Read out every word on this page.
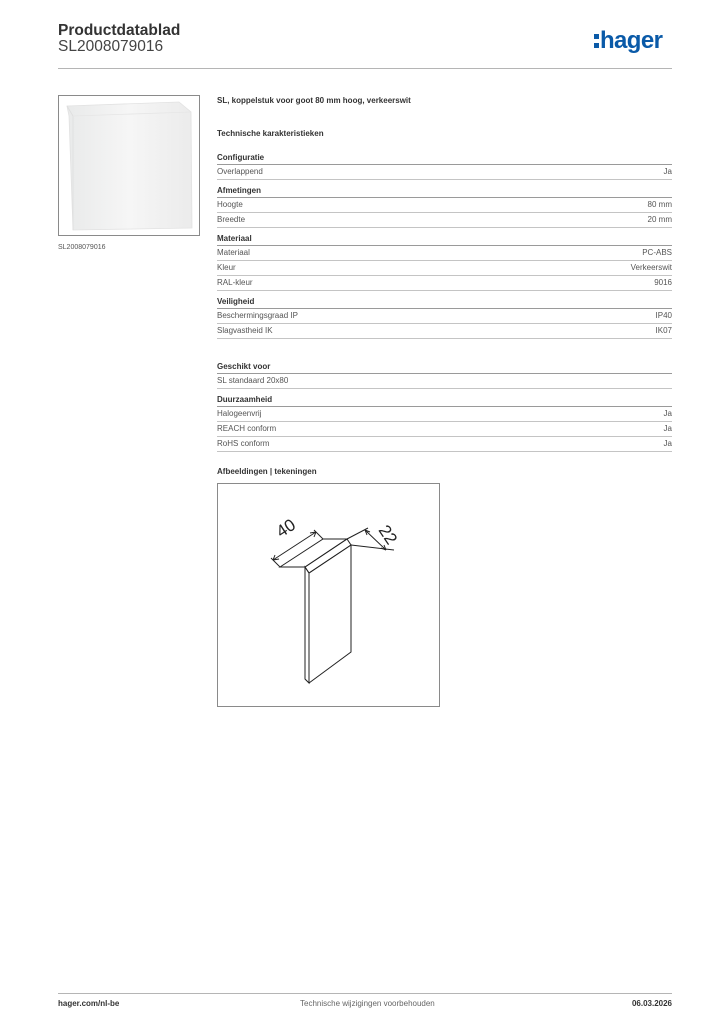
Productdatablad
SL2008079016	hager
SL2008079016
SL, koppelstuk voor goot 80 mm hoog, verkeerswit
Technische karakteristieken
Configuratie
Overlappend	Ja
Afmetingen
Hoogte	80 mm
Breedte	20 mm
Materiaal
Materiaal	PC-ABS
Kleur	Verkeerswit
RAL-kleur	9016
Veiligheid
Beschermingsgraad IP	IP40
Slagvastheid IK	IK07
Geschikt voor
SL standaard 20x80
Duurzaamheid
Halogeenvrij	Ja
REACH conform	Ja
RoHS conform	Ja
Afbeeldingen | tekeningen
40	22
hager.com/nl-be	Technische wijzigingen voorbehouden	06.03.2026
